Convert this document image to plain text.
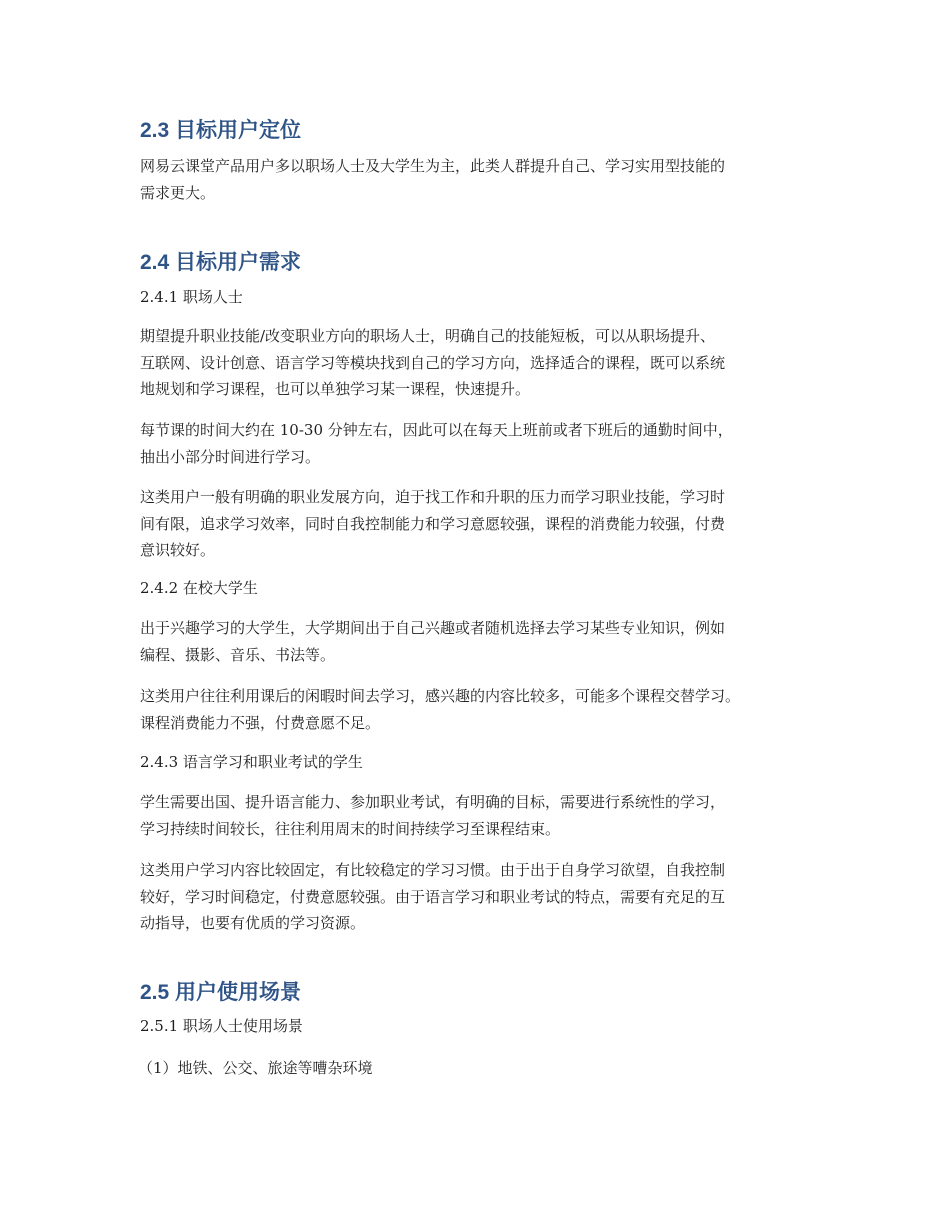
2.3 目标用户定位
网易云课堂产品用户多以职场人士及大学生为主，此类人群提升自己、学习实用型技能的
需求更大。
2.4 目标用户需求
2.4.1 职场人士
期望提升职业技能/改变职业方向的职场人士，明确自己的技能短板，可以从职场提升、
互联网、设计创意、语言学习等模块找到自己的学习方向，选择适合的课程，既可以系统
地规划和学习课程，也可以单独学习某一课程，快速提升。
每节课的时间大约在 10-30 分钟左右，因此可以在每天上班前或者下班后的通勤时间中，
抽出小部分时间进行学习。
这类用户一般有明确的职业发展方向，迫于找工作和升职的压力而学习职业技能，学习时
间有限，追求学习效率，同时自我控制能力和学习意愿较强，课程的消费能力较强，付费
意识较好。
2.4.2 在校大学生
出于兴趣学习的大学生，大学期间出于自己兴趣或者随机选择去学习某些专业知识，例如
编程、摄影、音乐、书法等。
这类用户往往利用课后的闲暇时间去学习，感兴趣的内容比较多，可能多个课程交替学习。
课程消费能力不强，付费意愿不足。
2.4.3 语言学习和职业考试的学生
学生需要出国、提升语言能力、参加职业考试，有明确的目标，需要进行系统性的学习，
学习持续时间较长，往往利用周末的时间持续学习至课程结束。
这类用户学习内容比较固定，有比较稳定的学习习惯。由于出于自身学习欲望，自我控制
较好，学习时间稳定，付费意愿较强。由于语言学习和职业考试的特点，需要有充足的互
动指导，也要有优质的学习资源。
2.5 用户使用场景
2.5.1 职场人士使用场景
（1）地铁、公交、旅途等嘈杂环境
